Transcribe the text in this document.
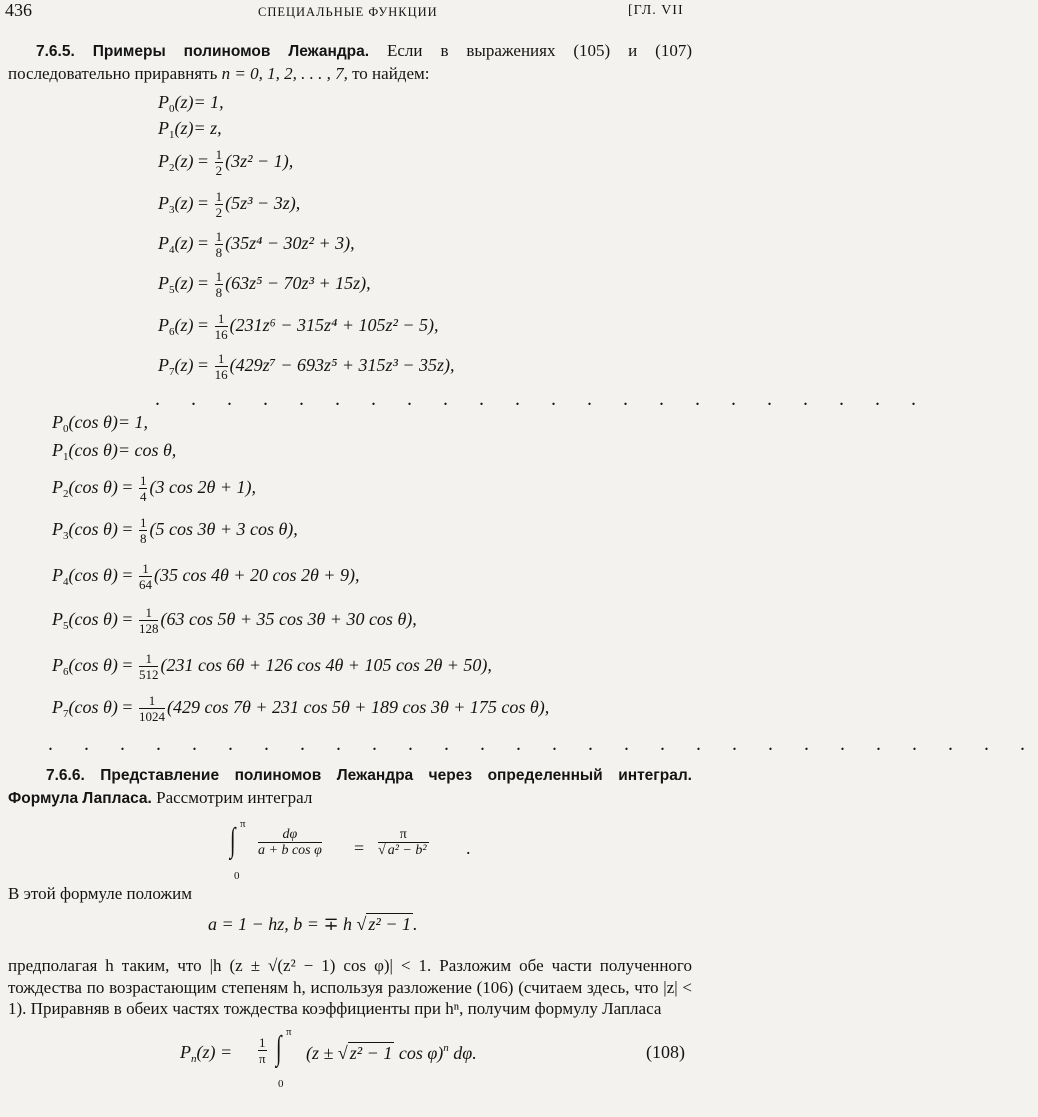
436	СПЕЦИАЛЬНЫЕ ФУНКЦИИ	[ГЛ. VII
7.6.5. Примеры полиномов Лежандра. Если в выражениях (105) и (107) последовательно приравнять n = 0, 1, 2, . . . , 7, то найдем:
$P_0(z)= 1$,
$P_1(z)= z$,
$P_2(z) = \frac{1}{2} (3z^2 - 1)$,
$P_3(z) = \frac{1}{2} (5z^3 - 3z)$,
$P_4(z) = \frac{1}{8} (35z^4 - 30z^2 + 3)$,
$P_5(z) = \frac{1}{8} (63z^5 - 70z^3 + 15z)$,
$P_6(z) = \frac{1}{16} (231z^6 - 315z^4 + 105z^2 - 5)$,
$P_7(z) = \frac{1}{16} (429z^7 - 693z^5 + 315z^3 - 35z)$,
. . . . . . . . . . . . . . . . . . . . . .
$P_0(\cos$ θ)= 1,
$P_1(\cos$ θ)= cos θ,
$P_2(\cos$ $\theta) = \frac{1}{4} (3$ cos 2θ + 1),
$P_3(\cos$ $\theta) = \frac{1}{8} (5$ cos 3θ + 3 cos θ),
$P_4(\cos$ $\theta) = \frac{1}{64} (35$ cos 4θ + 20 cos 2θ + 9),
$P_5(\cos$ $\theta) = \frac{1}{128} (63$ cos 5θ + 35 cos 3θ + 30 cos θ),
$P_6(\cos$ $\theta) = \frac{1}{512} (231$ cos 6θ + 126 cos 4θ + 105 cos 2θ + 50),
$P_7(\cos$ $\theta) = \frac{1}{1024} (429$ cos 7θ + 231 cos 5θ + 189 cos 3θ + 175 cos θ),
. . . . . . . . . . . . . . . . . . . . . . . . . . . .
7.6.6. Представление полиномов Лежандра через определенный интеграл. Формула Лапласа. Рассмотрим интеграл
π
∫
0
$\frac{d\varphi}{\text{a + b cos φ}} = \frac{\pi}{\text{√ a² − b²}}$ .
В этой формуле положим
a = 1 − hz, b = ∓ h √ z² − 1 .
предполагая h таким, что |h (z ± √(z² − 1) cos φ)| < 1. Разложим обе части полученного тождества по возрастающим степеням h, используя разложение (106) (считаем здесь, что |z| < 1). Приравняв в обеих частях тождества коэффициенты при hⁿ, получим формулу Лапласа
$P_n(z) = \frac{1}{\pi}$
π
∫
0
(z ± √ z² − 1 cos φ)$^n$ dφ.	(108)
